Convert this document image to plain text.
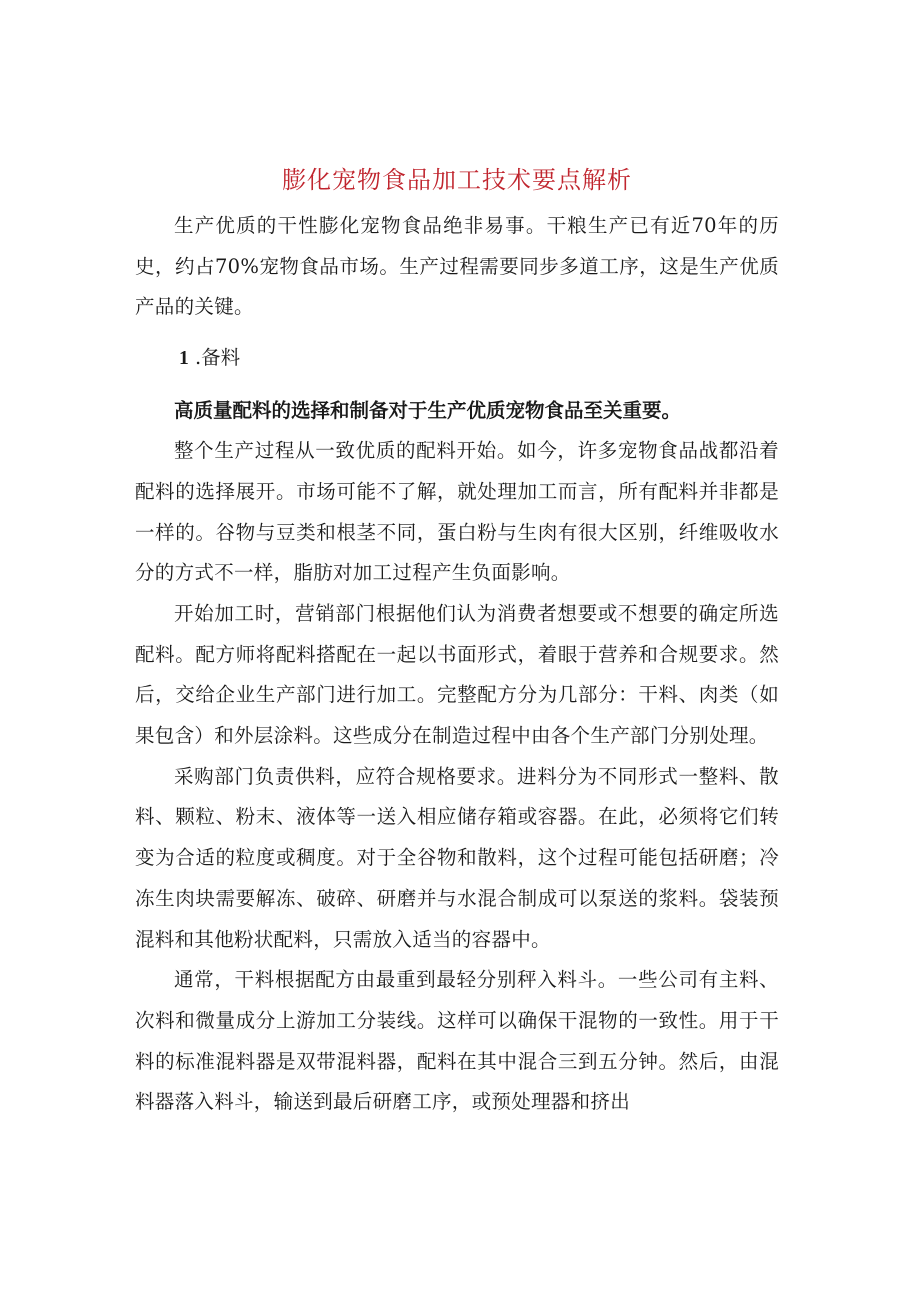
膨化宠物食品加工技术要点解析

生产优质的干性膨化宠物食品绝非易事。干粮生产已有近70年的历史，约占70%宠物食品市场。生产过程需要同步多道工序，这是生产优质产品的关键。

1 .备料

高质量配料的选择和制备对于生产优质宠物食品至关重要。

整个生产过程从一致优质的配料开始。如今，许多宠物食品战都沿着配料的选择展开。市场可能不了解，就处理加工而言，所有配料并非都是一样的。谷物与豆类和根茎不同，蛋白粉与生肉有很大区别，纤维吸收水分的方式不一样，脂肪对加工过程产生负面影响。

开始加工时，营销部门根据他们认为消费者想要或不想要的确定所选配料。配方师将配料搭配在一起以书面形式，着眼于营养和合规要求。然后，交给企业生产部门进行加工。完整配方分为几部分：干料、肉类（如果包含）和外层涂料。这些成分在制造过程中由各个生产部门分别处理。

采购部门负责供料，应符合规格要求。进料分为不同形式一整料、散料、颗粒、粉末、液体等一送入相应储存箱或容器。在此，必须将它们转变为合适的粒度或稠度。对于全谷物和散料，这个过程可能包括研磨；冷冻生肉块需要解冻、破碎、研磨并与水混合制成可以泵送的浆料。袋装预混料和其他粉状配料，只需放入适当的容器中。

通常，干料根据配方由最重到最轻分别秤入料斗。一些公司有主料、次料和微量成分上游加工分装线。这样可以确保干混物的一致性。用于干料的标准混料器是双带混料器，配料在其中混合三到五分钟。然后，由混料器落入料斗，输送到最后研磨工序，或预处理器和挤出
